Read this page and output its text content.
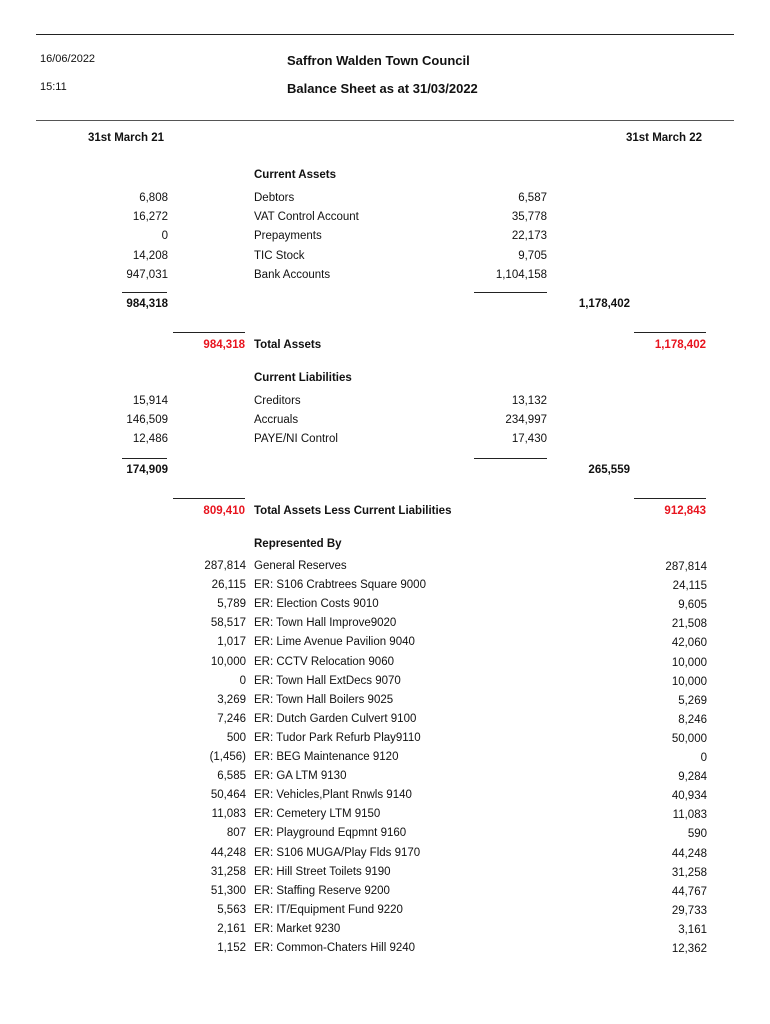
16/06/2022	Saffron Walden Town Council
15:11	Balance Sheet as at 31/03/2022
31st March 21	31st March 22
Current Assets
6,808	Debtors	6,587
16,272	VAT Control Account	35,778
0	Prepayments	22,173
14,208	TIC Stock	9,705
947,031	Bank Accounts	1,104,158
984,318	1,178,402
984,318 Total Assets	1,178,402
Current Liabilities
15,914	Creditors	13,132
146,509	Accruals	234,997
12,486	PAYE/NI Control	17,430
174,909	265,559
809,410 Total Assets Less Current Liabilities	912,843
Represented By
287,814 General Reserves	287,814
26,115 ER: S106 Crabtrees Square 9000	24,115
5,789 ER: Election Costs 9010	9,605
58,517 ER: Town Hall Improve9020	21,508
1,017 ER: Lime Avenue Pavilion 9040	42,060
10,000 ER: CCTV Relocation 9060	10,000
0 ER: Town Hall ExtDecs 9070	10,000
3,269 ER: Town Hall Boilers 9025	5,269
7,246 ER: Dutch Garden Culvert 9100	8,246
500 ER: Tudor Park Refurb Play9110	50,000
(1,456) ER: BEG Maintenance 9120	0
6,585 ER: GA LTM 9130	9,284
50,464 ER: Vehicles,Plant Rnwls 9140	40,934
11,083 ER: Cemetery LTM 9150	11,083
807 ER: Playground Eqpmnt 9160	590
44,248 ER: S106 MUGA/Play Flds 9170	44,248
31,258 ER: Hill Street Toilets 9190	31,258
51,300 ER: Staffing Reserve 9200	44,767
5,563 ER: IT/Equipment Fund 9220	29,733
2,161 ER: Market 9230	3,161
1,152 ER: Common-Chaters Hill 9240	12,362
